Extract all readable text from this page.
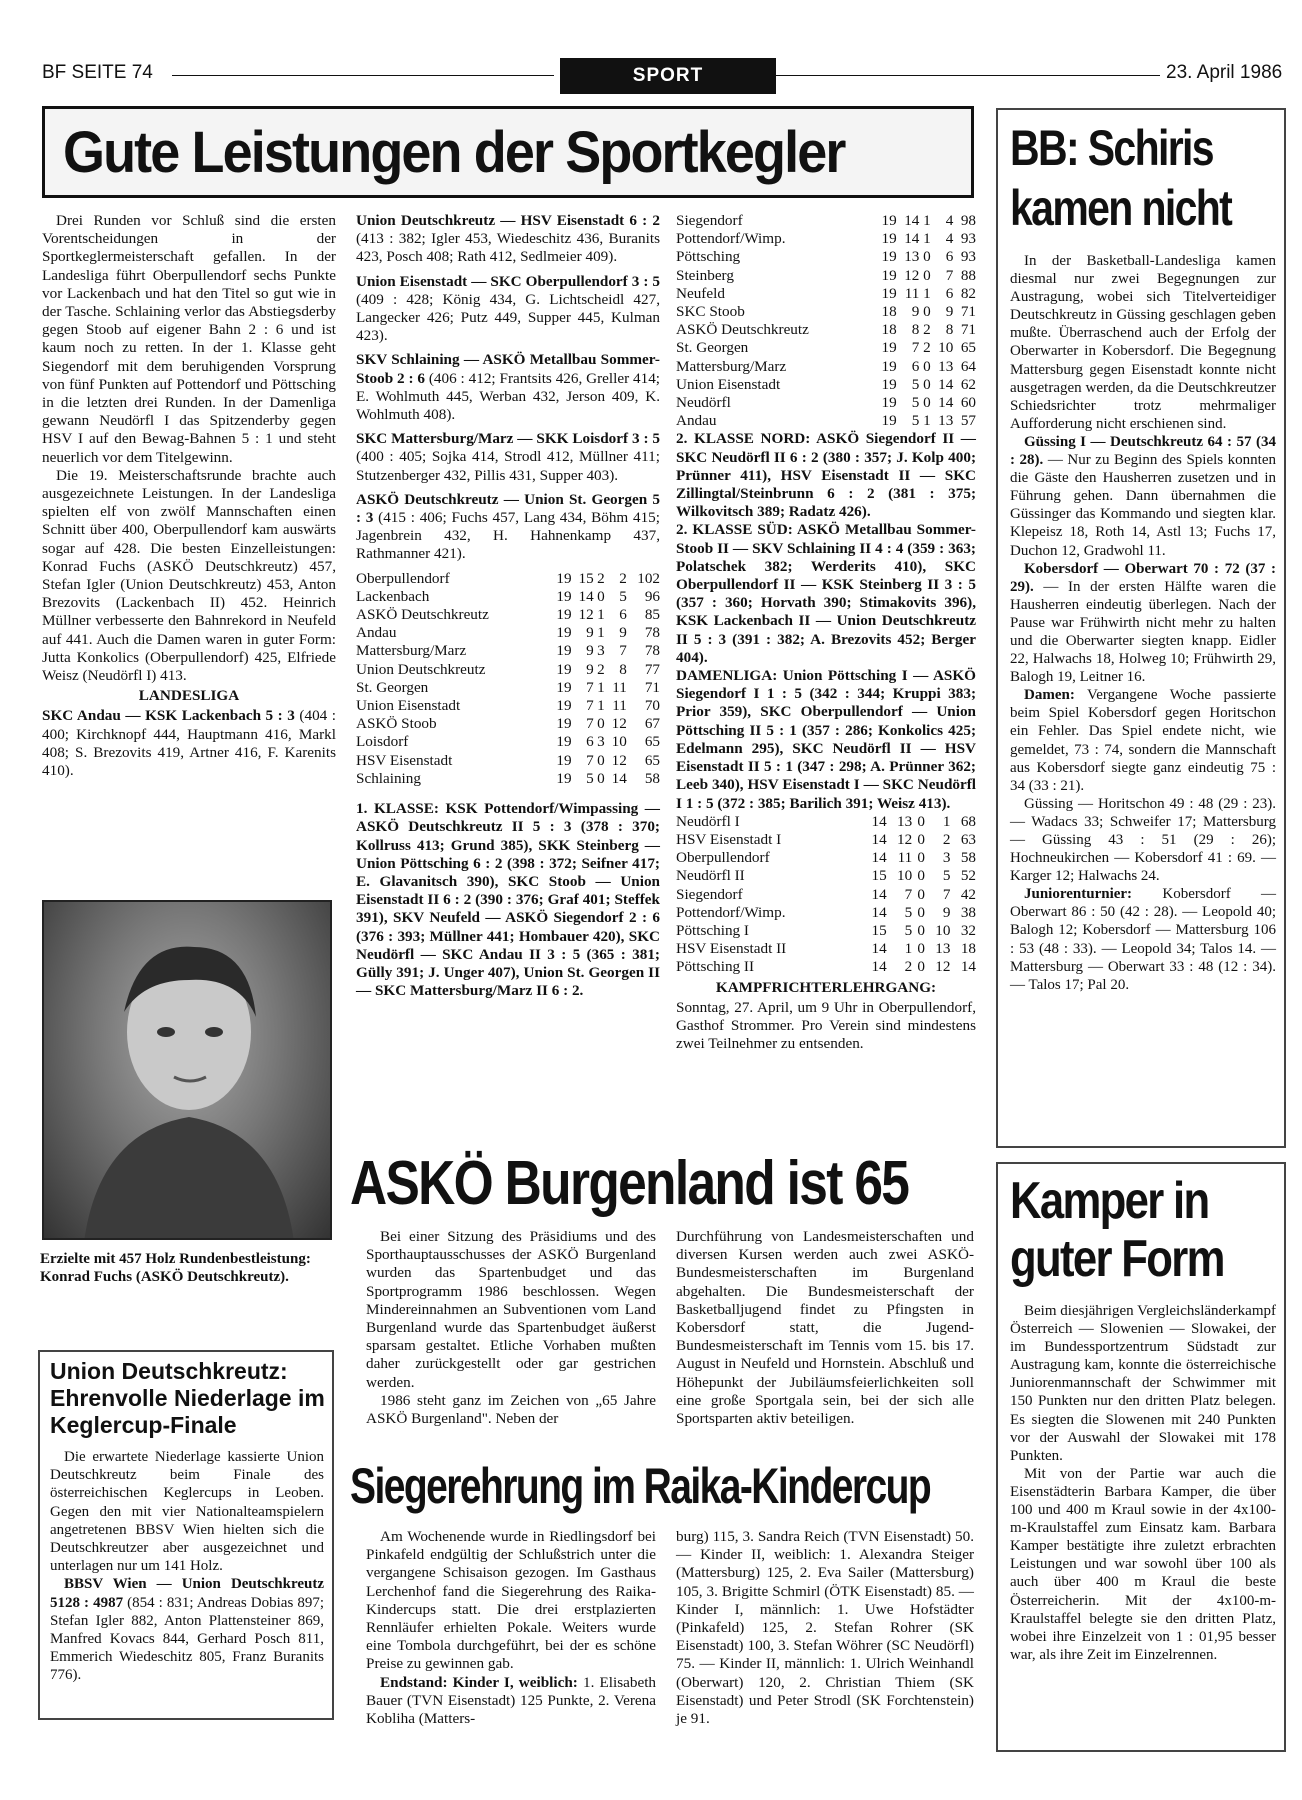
BF SEITE 74	SPORT	23. April 1986
Gute Leistungen der Sportkegler

Drei Runden vor Schluß sind die ersten Vorentscheidungen in der Sportkeglermeisterschaft gefallen. In der Landesliga führt Oberpullendorf sechs Punkte vor Lackenbach und hat den Titel so gut wie in der Tasche. Schlaining verlor das Abstiegsderby gegen Stoob auf eigener Bahn 2 : 6 und ist kaum noch zu retten. In der 1. Klasse geht Siegendorf mit dem beruhigenden Vorsprung von fünf Punkten auf Pottendorf und Pöttsching in die letzten drei Runden. In der Damenliga gewann Neudörfl I das Spitzenderby gegen HSV I auf den Bewag-Bahnen 5 : 1 und steht neuerlich vor dem Titelgewinn.

Die 19. Meisterschaftsrunde brachte auch ausgezeichnete Leistungen. In der Landesliga spielten elf von zwölf Mannschaften einen Schnitt über 400, Oberpullendorf kam auswärts sogar auf 428. Die besten Einzelleistungen: Konrad Fuchs (ASKÖ Deutschkreutz) 457, Stefan Igler (Union Deutschkreutz) 453, Anton Brezovits (Lackenbach II) 452. Heinrich Müllner verbesserte den Bahnrekord in Neufeld auf 441. Auch die Damen waren in guter Form: Jutta Konkolics (Oberpullendorf) 425, Elfriede Weisz (Neudörfl I) 413.

LANDESLIGA

SKC Andau — KSK Lackenbach 5 : 3 (404 : 400; Kirchknopf 444, Hauptmann 416, Markl 408; S. Brezovits 419, Artner 416, F. Karenits 410).

Erzielte mit 457 Holz Rundenbestleistung: Konrad Fuchs (ASKÖ Deutschkreutz).
Union Deutschkreutz: Ehrenvolle Niederlage im Keglercup-Finale

Die erwartete Niederlage kassierte Union Deutschkreutz beim Finale des österreichischen Keglercups in Leoben. Gegen den mit vier Nationalteamspielern angetretenen BBSV Wien hielten sich die Deutschkreutzer aber ausgezeichnet und unterlagen nur um 141 Holz.

BBSV Wien — Union Deutschkreutz 5128 : 4987 (854 : 831; Andreas Dobias 897; Stefan Igler 882, Anton Plattensteiner 869, Manfred Kovacs 844, Gerhard Posch 811, Emmerich Wiedeschitz 805, Franz Buranits 776).

Union Deutschkreutz — HSV Eisenstadt 6 : 2 (413 : 382; Igler 453, Wiedeschitz 436, Buranits 423, Posch 408; Rath 412, Sedlmeier 409).

Union Eisenstadt — SKC Oberpullendorf 3 : 5 (409 : 428; König 434, G. Lichtscheidl 427, Langecker 426; Putz 449, Supper 445, Kulman 423).

SKV Schlaining — ASKÖ Metallbau Sommer-Stoob 2 : 6 (406 : 412; Frantsits 426, Greller 414; E. Wohlmuth 445, Werban 432, Jerson 409, K. Wohlmuth 408).

SKC Mattersburg/Marz — SKK Loisdorf 3 : 5 (400 : 405; Sojka 414, Strodl 412, Müllner 411; Stutzenberger 432, Pillis 431, Supper 403).

ASKÖ Deutschkreutz — Union St. Georgen 5 : 3 (415 : 406; Fuchs 457, Lang 434, Böhm 415; Jagenbrein 432, H. Hahnenkamp 437, Rathmanner 421).

Oberpullendorf	19	15	2	2	102
Lackenbach	19	14	0	5	96
ASKÖ Deutschkreutz	19	12	1	6	85
Andau	19	9	1	9	78
Mattersburg/Marz	19	9	3	7	78
Union Deutschkreutz	19	9	2	8	77
St. Georgen	19	7	1	11	71
Union Eisenstadt	19	7	1	11	70
ASKÖ Stoob	19	7	0	12	67
Loisdorf	19	6	3	10	65
HSV Eisenstadt	19	7	0	12	65
Schlaining	19	5	0	14	58

1. KLASSE: KSK Pottendorf/Wimpassing — ASKÖ Deutschkreutz II 5 : 3 (378 : 370; Kollruss 413; Grund 385), SKK Steinberg — Union Pöttsching 6 : 2 (398 : 372; Seifner 417; E. Glavanitsch 390), SKC Stoob — Union Eisenstadt II 6 : 2 (390 : 376; Graf 401; Steffek 391), SKV Neufeld — ASKÖ Siegendorf 2 : 6 (376 : 393; Müllner 441; Hombauer 420), SKC Neudörfl — SKC Andau II 3 : 5 (365 : 381; Gülly 391; J. Unger 407), Union St. Georgen II — SKC Mattersburg/Marz II 6 : 2.

Siegendorf	19	14	1	4	98
Pottendorf/Wimp.	19	14	1	4	93
Pöttsching	19	13	0	6	93
Steinberg	19	12	0	7	88
Neufeld	19	11	1	6	82
SKC Stoob	18	9	0	9	71
ASKÖ Deutschkreutz	18	8	2	8	71
St. Georgen	19	7	2	10	65
Mattersburg/Marz	19	6	0	13	64
Union Eisenstadt	19	5	0	14	62
Neudörfl	19	5	0	14	60
Andau	19	5	1	13	57

2. KLASSE NORD: ASKÖ Siegendorf II — SKC Neudörfl II 6 : 2 (380 : 357; J. Kolp 400; Prünner 411), HSV Eisenstadt II — SKC Zillingtal/Steinbrunn 6 : 2 (381 : 375; Wilkovitsch 389; Radatz 426).

2. KLASSE SÜD: ASKÖ Metallbau Sommer-Stoob II — SKV Schlaining II 4 : 4 (359 : 363; Polatschek 382; Werderits 410), SKC Oberpullendorf II — KSK Steinberg II 3 : 5 (357 : 360; Horvath 390; Stimakovits 396), KSK Lackenbach II — Union Deutschkreutz II 5 : 3 (391 : 382; A. Brezovits 452; Berger 404).

DAMENLIGA: Union Pöttsching I — ASKÖ Siegendorf I 1 : 5 (342 : 344; Kruppi 383; Prior 359), SKC Oberpullendorf — Union Pöttsching II 5 : 1 (357 : 286; Konkolics 425; Edelmann 295), SKC Neudörfl II — HSV Eisenstadt II 5 : 1 (347 : 298; A. Prünner 362; Leeb 340), HSV Eisenstadt I — SKC Neudörfl I 1 : 5 (372 : 385; Barilich 391; Weisz 413).

Neudörfl I	14	13	0	1	68
HSV Eisenstadt I	14	12	0	2	63
Oberpullendorf	14	11	0	3	58
Neudörfl II	15	10	0	5	52
Siegendorf	14	7	0	7	42
Pottendorf/Wimp.	14	5	0	9	38
Pöttsching I	15	5	0	10	32
HSV Eisenstadt II	14	1	0	13	18
Pöttsching II	14	2	0	12	14

KAMPFRICHTERLEHRGANG:

Sonntag, 27. April, um 9 Uhr in Oberpullendorf, Gasthof Strommer. Pro Verein sind mindestens zwei Teilnehmer zu entsenden.

ASKÖ Burgenland ist 65

Bei einer Sitzung des Präsidiums und des Sporthauptausschusses der ASKÖ Burgenland wurden das Spartenbudget und das Sportprogramm 1986 beschlossen. Wegen Mindereinnahmen an Subventionen vom Land Burgenland wurde das Spartenbudget äußerst sparsam gestaltet. Etliche Vorhaben mußten daher zurückgestellt oder gar gestrichen werden.

1986 steht ganz im Zeichen von „65 Jahre ASKÖ Burgenland". Neben der

Durchführung von Landesmeisterschaften und diversen Kursen werden auch zwei ASKÖ-Bundesmeisterschaften im Burgenland abgehalten. Die Bundesmeisterschaft der Basketballjugend findet zu Pfingsten in Kobersdorf statt, die Jugend-Bundesmeisterschaft im Tennis vom 15. bis 17. August in Neufeld und Hornstein. Abschluß und Höhepunkt der Jubiläumsfeierlichkeiten soll eine große Sportgala sein, bei der sich alle Sportsparten aktiv beteiligen.

Siegerehrung im Raika-Kindercup

Am Wochenende wurde in Riedlingsdorf bei Pinkafeld endgültig der Schlußstrich unter die vergangene Schisaison gezogen. Im Gasthaus Lerchenhof fand die Siegerehrung des Raika-Kindercups statt. Die drei erstplazierten Rennläufer erhielten Pokale. Weiters wurde eine Tombola durchgeführt, bei der es schöne Preise zu gewinnen gab.

Endstand: Kinder I, weiblich: 1. Elisabeth Bauer (TVN Eisenstadt) 125 Punkte, 2. Verena Kobliha (Matters-

burg) 115, 3. Sandra Reich (TVN Eisenstadt) 50. — Kinder II, weiblich: 1. Alexandra Steiger (Mattersburg) 125, 2. Eva Sailer (Mattersburg) 105, 3. Brigitte Schmirl (ÖTK Eisenstadt) 85. — Kinder I, männlich: 1. Uwe Hofstädter (Pinkafeld) 125, 2. Stefan Rohrer (SK Eisenstadt) 100, 3. Stefan Wöhrer (SC Neudörfl) 75. — Kinder II, männlich: 1. Ulrich Weinhandl (Oberwart) 120, 2. Christian Thiem (SK Eisenstadt) und Peter Strodl (SK Forchtenstein) je 91.

BB: Schiris
kamen nicht

In der Basketball-Landesliga kamen diesmal nur zwei Begegnungen zur Austragung, wobei sich Titelverteidiger Deutschkreutz in Güssing geschlagen geben mußte. Überraschend auch der Erfolg der Oberwarter in Kobersdorf. Die Begegnung Mattersburg gegen Eisenstadt konnte nicht ausgetragen werden, da die Deutschkreutzer Schiedsrichter trotz mehrmaliger Aufforderung nicht erschienen sind.

Güssing I — Deutschkreutz 64 : 57 (34 : 28). — Nur zu Beginn des Spiels konnten die Gäste den Hausherren zusetzen und in Führung gehen. Dann übernahmen die Güssinger das Kommando und siegten klar. Klepeisz 18, Roth 14, Astl 13; Fuchs 17, Duchon 12, Gradwohl 11.

Kobersdorf — Oberwart 70 : 72 (37 : 29). — In der ersten Hälfte waren die Hausherren eindeutig überlegen. Nach der Pause war Frühwirth nicht mehr zu halten und die Oberwarter siegten knapp. Eidler 22, Halwachs 18, Holweg 10; Frühwirth 29, Balogh 19, Leitner 16.

Damen: Vergangene Woche passierte beim Spiel Kobersdorf gegen Horitschon ein Fehler. Das Spiel endete nicht, wie gemeldet, 73 : 74, sondern die Mannschaft aus Kobersdorf siegte ganz eindeutig 75 : 34 (33 : 21).

Güssing — Horitschon 49 : 48 (29 : 23). — Wadacs 33; Schweifer 17; Mattersburg — Güssing 43 : 51 (29 : 26); Hochneukirchen — Kobersdorf 41 : 69. — Karger 12; Halwachs 24.

Juniorenturnier: Kobersdorf — Oberwart 86 : 50 (42 : 28). — Leopold 40; Balogh 12; Kobersdorf — Mattersburg 106 : 53 (48 : 33). — Leopold 34; Talos 14. — Mattersburg — Oberwart 33 : 48 (12 : 34). — Talos 17; Pal 20.

Kamper in
guter Form

Beim diesjährigen Vergleichsländerkampf Österreich — Slowenien — Slowakei, der im Bundessportzentrum Südstadt zur Austragung kam, konnte die österreichische Juniorenmannschaft der Schwimmer mit 150 Punkten nur den dritten Platz belegen. Es siegten die Slowenen mit 240 Punkten vor der Auswahl der Slowakei mit 178 Punkten.

Mit von der Partie war auch die Eisenstädterin Barbara Kamper, die über 100 und 400 m Kraul sowie in der 4x100-m-Kraulstaffel zum Einsatz kam. Barbara Kamper bestätigte ihre zuletzt erbrachten Leistungen und war sowohl über 100 als auch über 400 m Kraul die beste Österreicherin. Mit der 4x100-m-Kraulstaffel belegte sie den dritten Platz, wobei ihre Einzelzeit von 1 : 01,95 besser war, als ihre Zeit im Einzelrennen.
